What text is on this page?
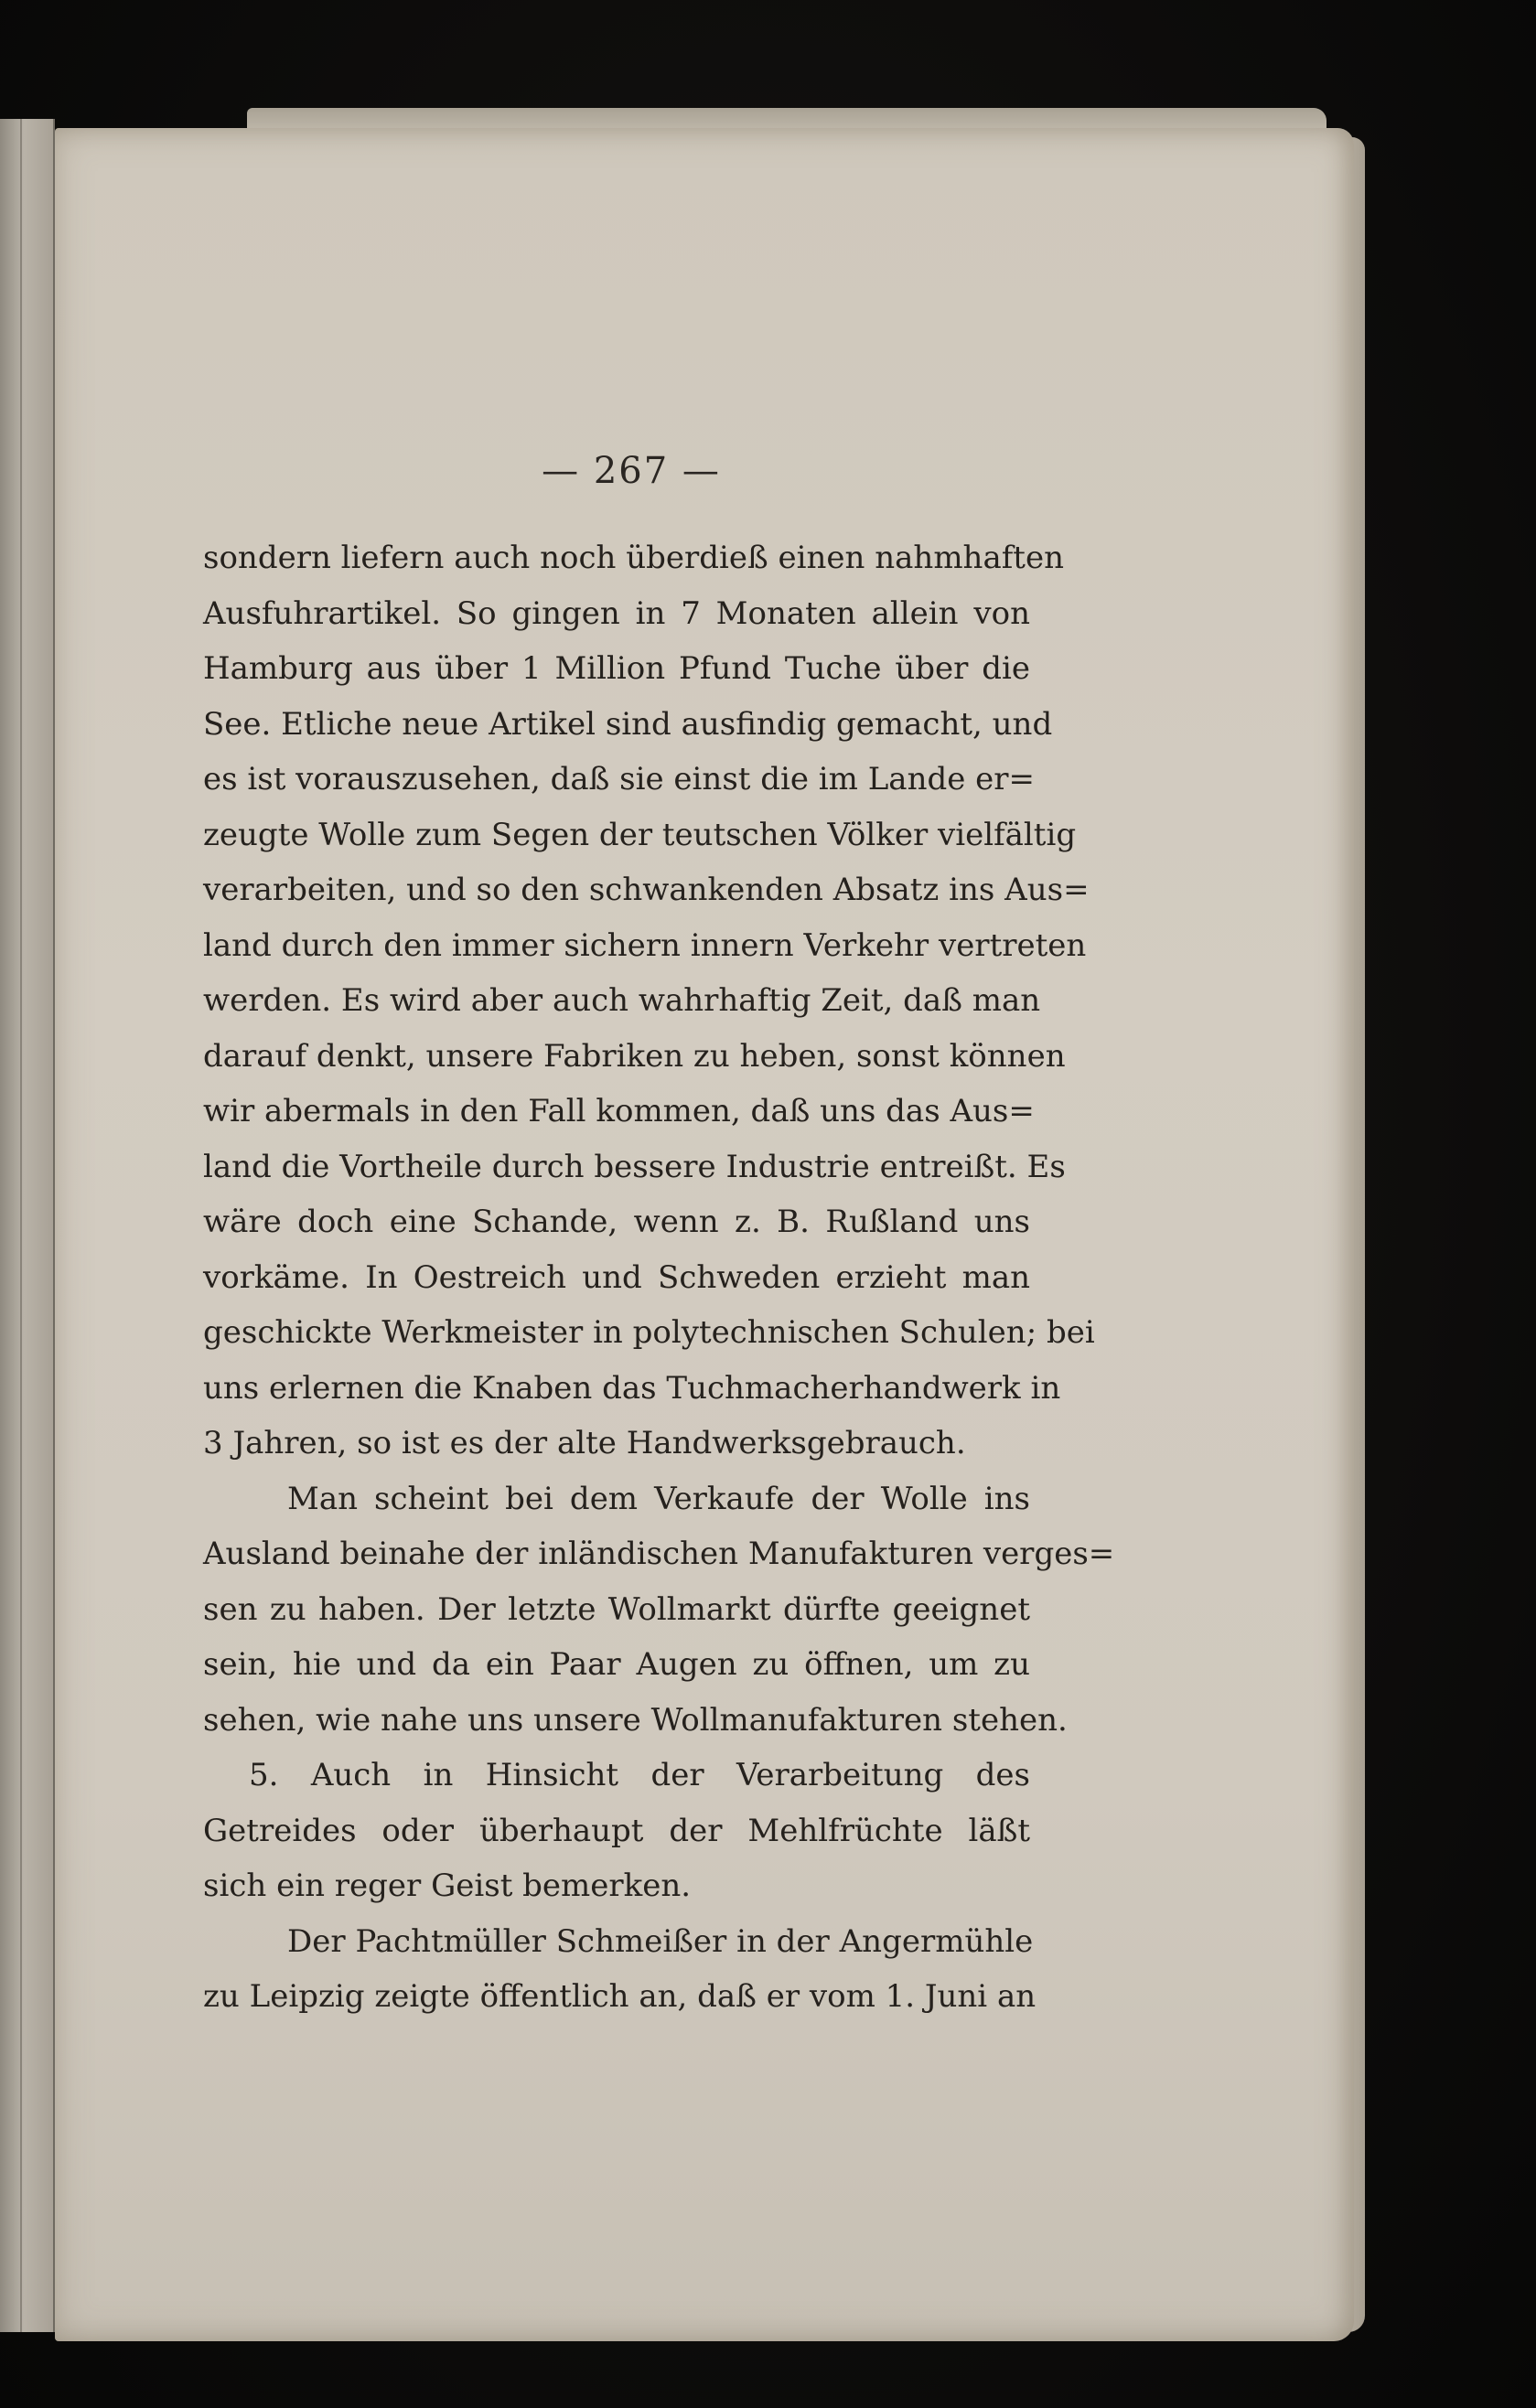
— 267 —
sondern liefern auch noch überdieß einen nahmhaften
Ausfuhrartikel. So gingen in 7 Monaten allein von
Hamburg aus über 1 Million Pfund Tuche über die
See. Etliche neue Artikel sind ausfindig gemacht, und
es ist vorauszusehen, daß sie einst die im Lande er=
zeugte Wolle zum Segen der teutschen Völker vielfältig
verarbeiten, und so den schwankenden Absatz ins Aus=
land durch den immer sichern innern Verkehr vertreten
werden. Es wird aber auch wahrhaftig Zeit, daß man
darauf denkt, unsere Fabriken zu heben, sonst können
wir abermals in den Fall kommen, daß uns das Aus=
land die Vortheile durch bessere Industrie entreißt. Es
wäre doch eine Schande, wenn z. B. Rußland uns
vorkäme. In Oestreich und Schweden erzieht man
geschickte Werkmeister in polytechnischen Schulen; bei
uns erlernen die Knaben das Tuchmacherhandwerk in
3 Jahren, so ist es der alte Handwerksgebrauch.
Man scheint bei dem Verkaufe der Wolle ins
Ausland beinahe der inländischen Manufakturen verges=
sen zu haben. Der letzte Wollmarkt dürfte geeignet
sein, hie und da ein Paar Augen zu öffnen, um zu
sehen, wie nahe uns unsere Wollmanufakturen stehen.
5. Auch in Hinsicht der Verarbeitung des
Getreides oder überhaupt der Mehlfrüchte läßt
sich ein reger Geist bemerken.
Der Pachtmüller Schmeißer in der Angermühle
zu Leipzig zeigte öffentlich an, daß er vom 1. Juni an
